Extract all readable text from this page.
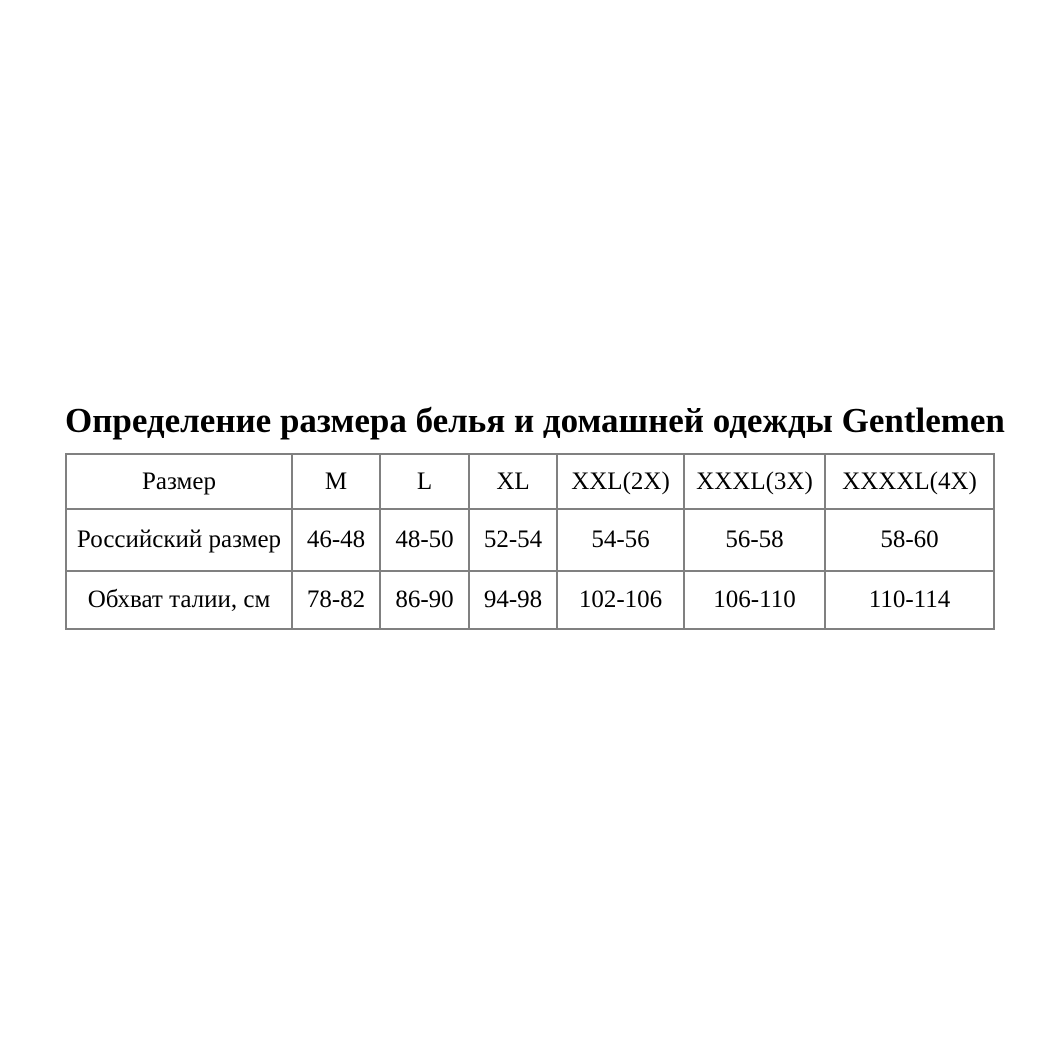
Определение размера белья и домашней одежды Gentlemen
Размер	M	L	XL	XXL(2X)	XXXL(3X)	XXXXL(4X)
Российский размер	46-48	48-50	52-54	54-56	56-58	58-60
Обхват талии, см	78-82	86-90	94-98	102-106	106-110	110-114
